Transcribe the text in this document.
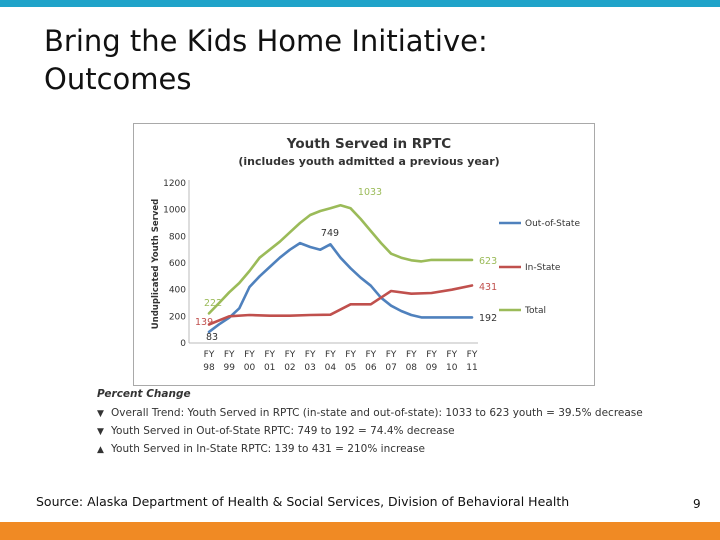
Bring the Kids Home Initiative:
Outcomes
Youth Served in RPTC
(includes youth admitted a previous year)
Unduplicated Youth Served
0
200
400
600
800
1000
1200
FY 98
FY 99
FY 00
FY 01
FY 02
FY 03
FY 04
FY 05
FY 06
FY 07
FY 08
FY 09
FY 10
FY 11
Out-of-State
In-State
Total
1033
749
623
431
192
222
139
83
Percent Change
▼ Overall Trend: Youth Served in RPTC (in-state and out-of-state): 1033 to 623 youth = 39.5% decrease
▼ Youth Served in Out-of-State RPTC: 749 to 192 = 74.4% decrease
▲ Youth Served in In-State RPTC: 139 to 431 = 210% increase
Source: Alaska Department of Health & Social Services, Division of Behavioral Health	9
